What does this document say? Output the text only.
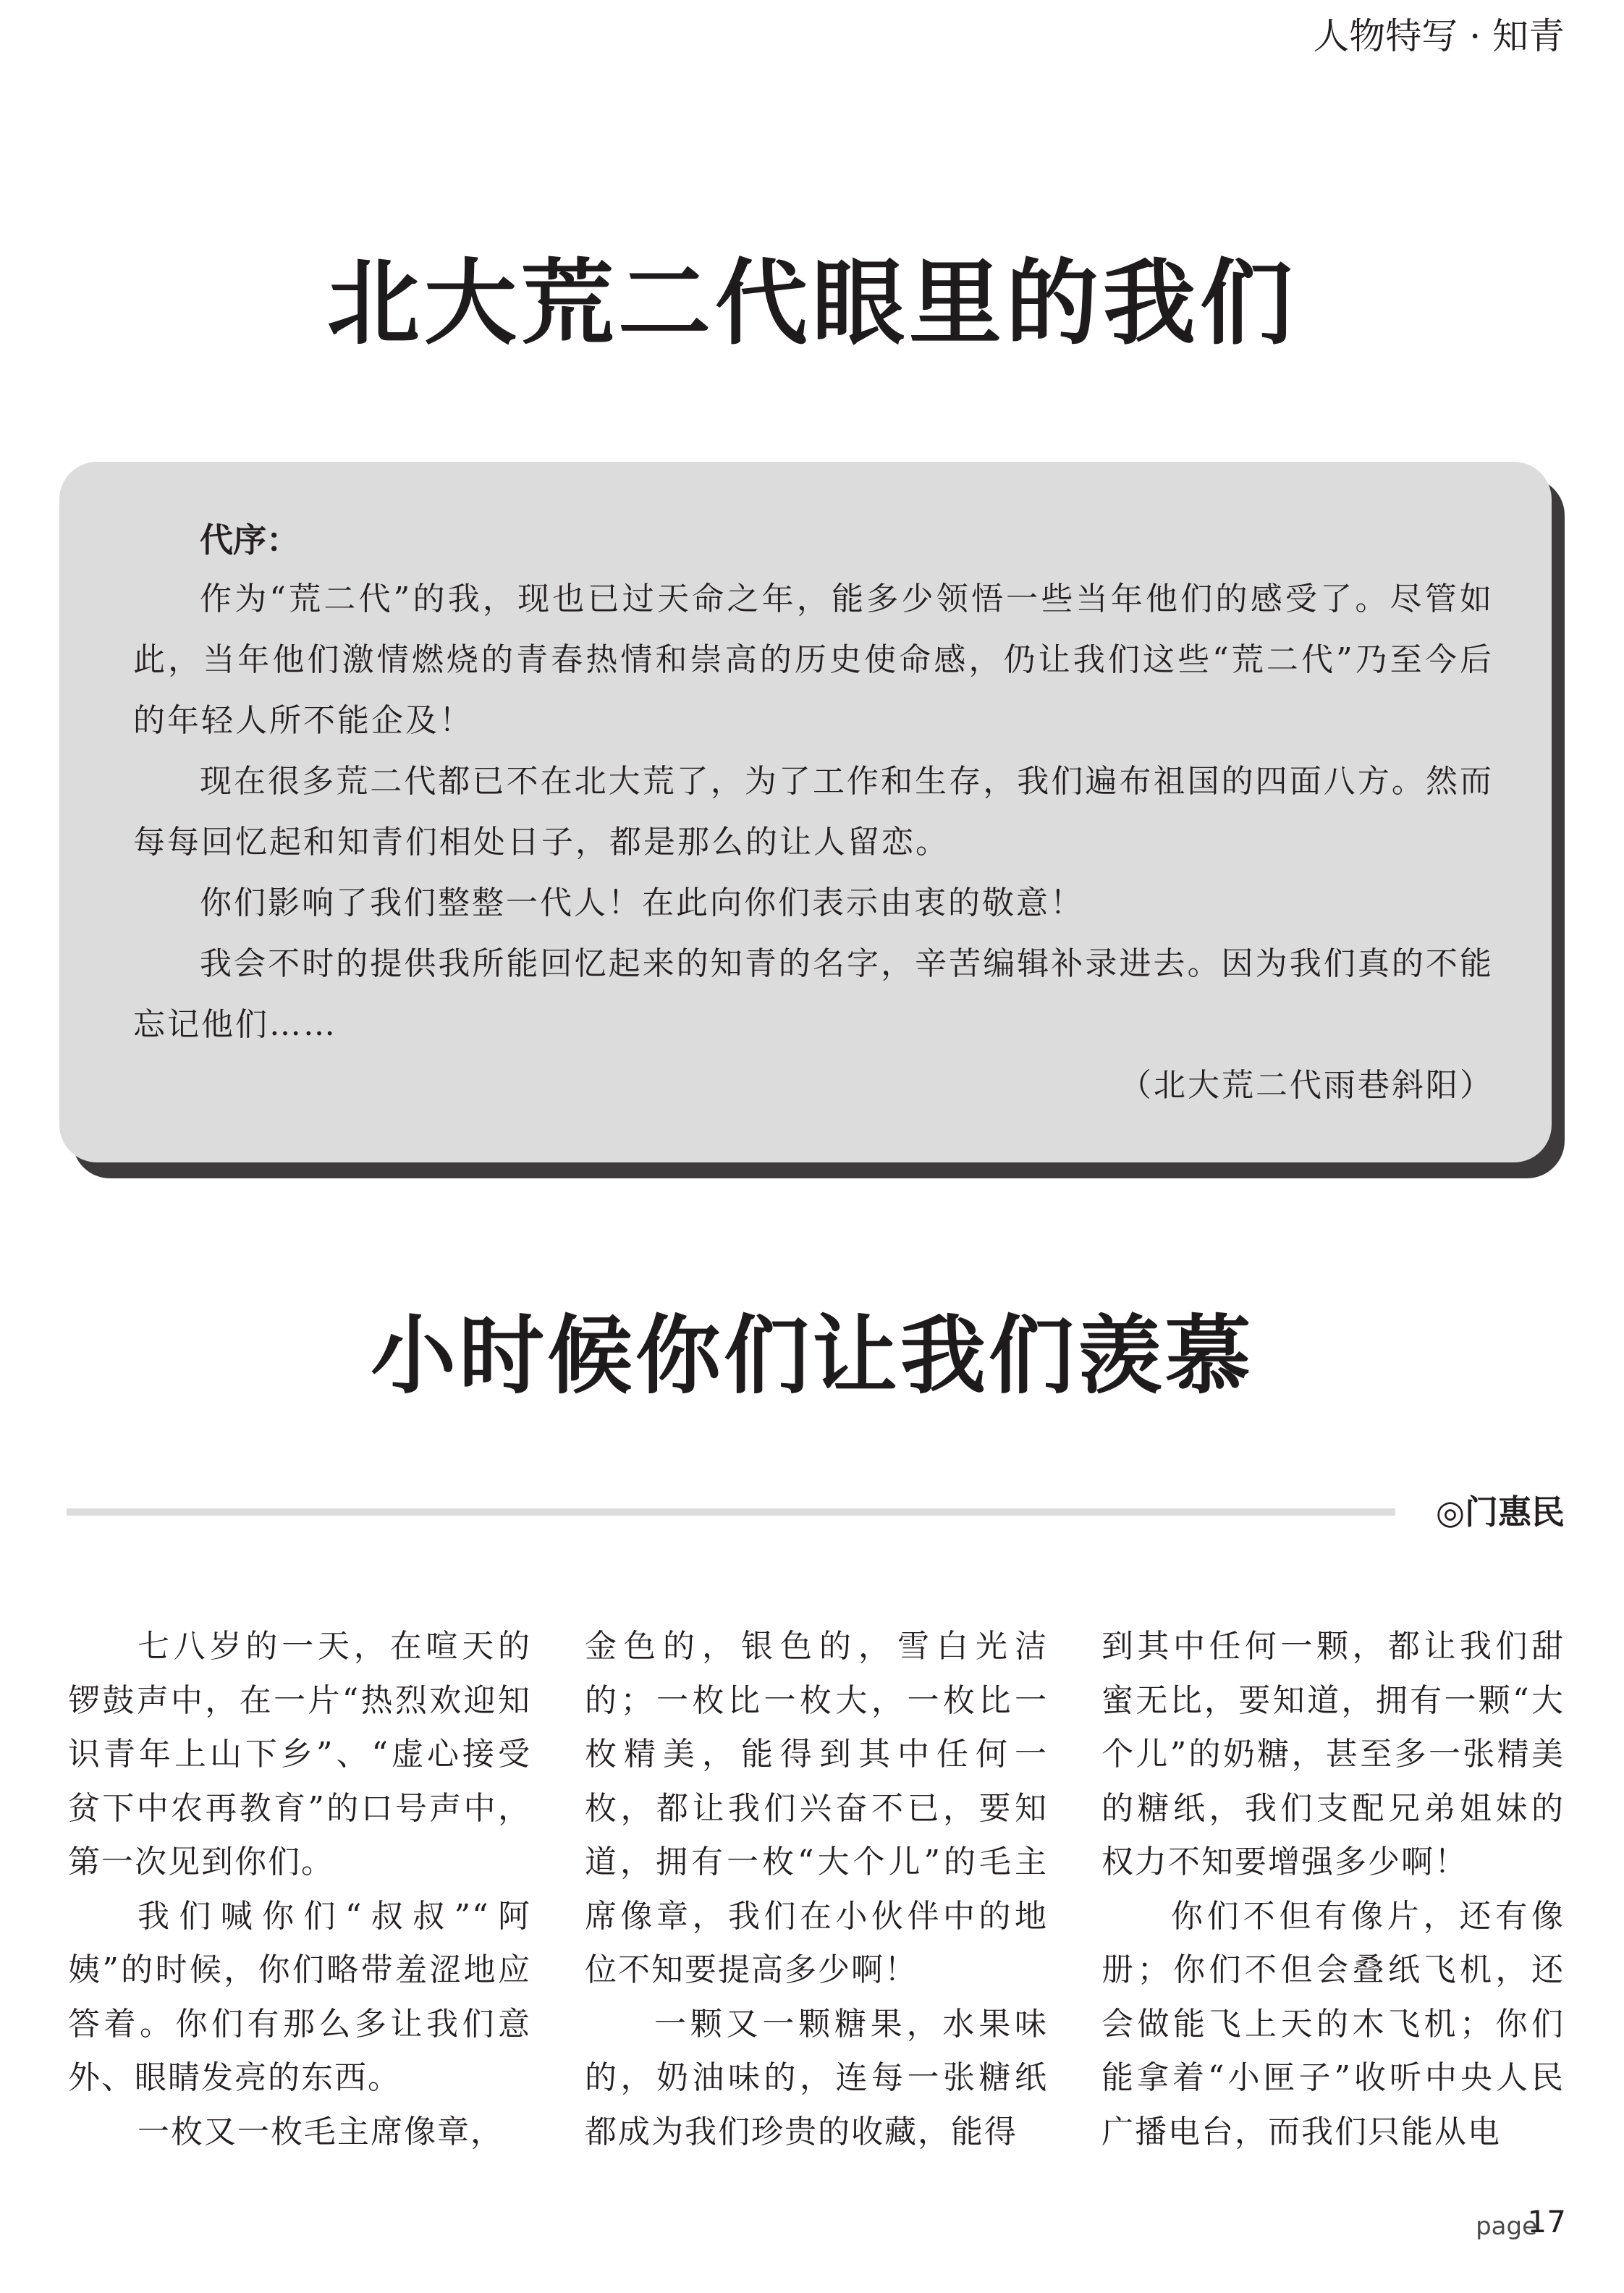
人物特写 · 知青
北大荒二代眼里的我们
代序：

作为“荒二代”的我，现也已过天命之年，能多少领悟一些当年他们的感受了。尽管如此，当年他们激情燃烧的青春热情和崇高的历史使命感，仍让我们这些“荒二代”乃至今后的年轻人所不能企及！

现在很多荒二代都已不在北大荒了，为了工作和生存，我们遍布祖国的四面八方。然而每每回忆起和知青们相处日子，都是那么的让人留恋。

你们影响了我们整整一代人！在此向你们表示由衷的敬意！

我会不时的提供我所能回忆起来的知青的名字，辛苦编辑补录进去。因为我们真的不能忘记他们……

（北大荒二代雨巷斜阳）
小时候你们让我们羡慕
◎门惠民

七八岁的一天，在喧天的锣鼓声中，在一片“热烈欢迎知识青年上山下乡”、“虚心接受贫下中农再教育”的口号声中，第一次见到你们。

我们喊你们“叔叔”“阿姨”的时候，你们略带羞涩地应答着。你们有那么多让我们意外、眼睛发亮的东西。

一枚又一枚毛主席像章，

金色的，银色的，雪白光洁的；一枚比一枚大，一枚比一枚精美，能得到其中任何一枚，都让我们兴奋不已，要知道，拥有一枚“大个儿”的毛主席像章，我们在小伙伴中的地位不知要提高多少啊！

一颗又一颗糖果，水果味的，奶油味的，连每一张糖纸都成为我们珍贵的收藏，能得

到其中任何一颗，都让我们甜蜜无比，要知道，拥有一颗“大个儿”的奶糖，甚至多一张精美的糖纸，我们支配兄弟姐妹的权力不知要增强多少啊！

你们不但有像片，还有像册；你们不但会叠纸飞机，还会做能飞上天的木飞机；你们能拿着“小匣子”收听中央人民广播电台，而我们只能从电

page
17
